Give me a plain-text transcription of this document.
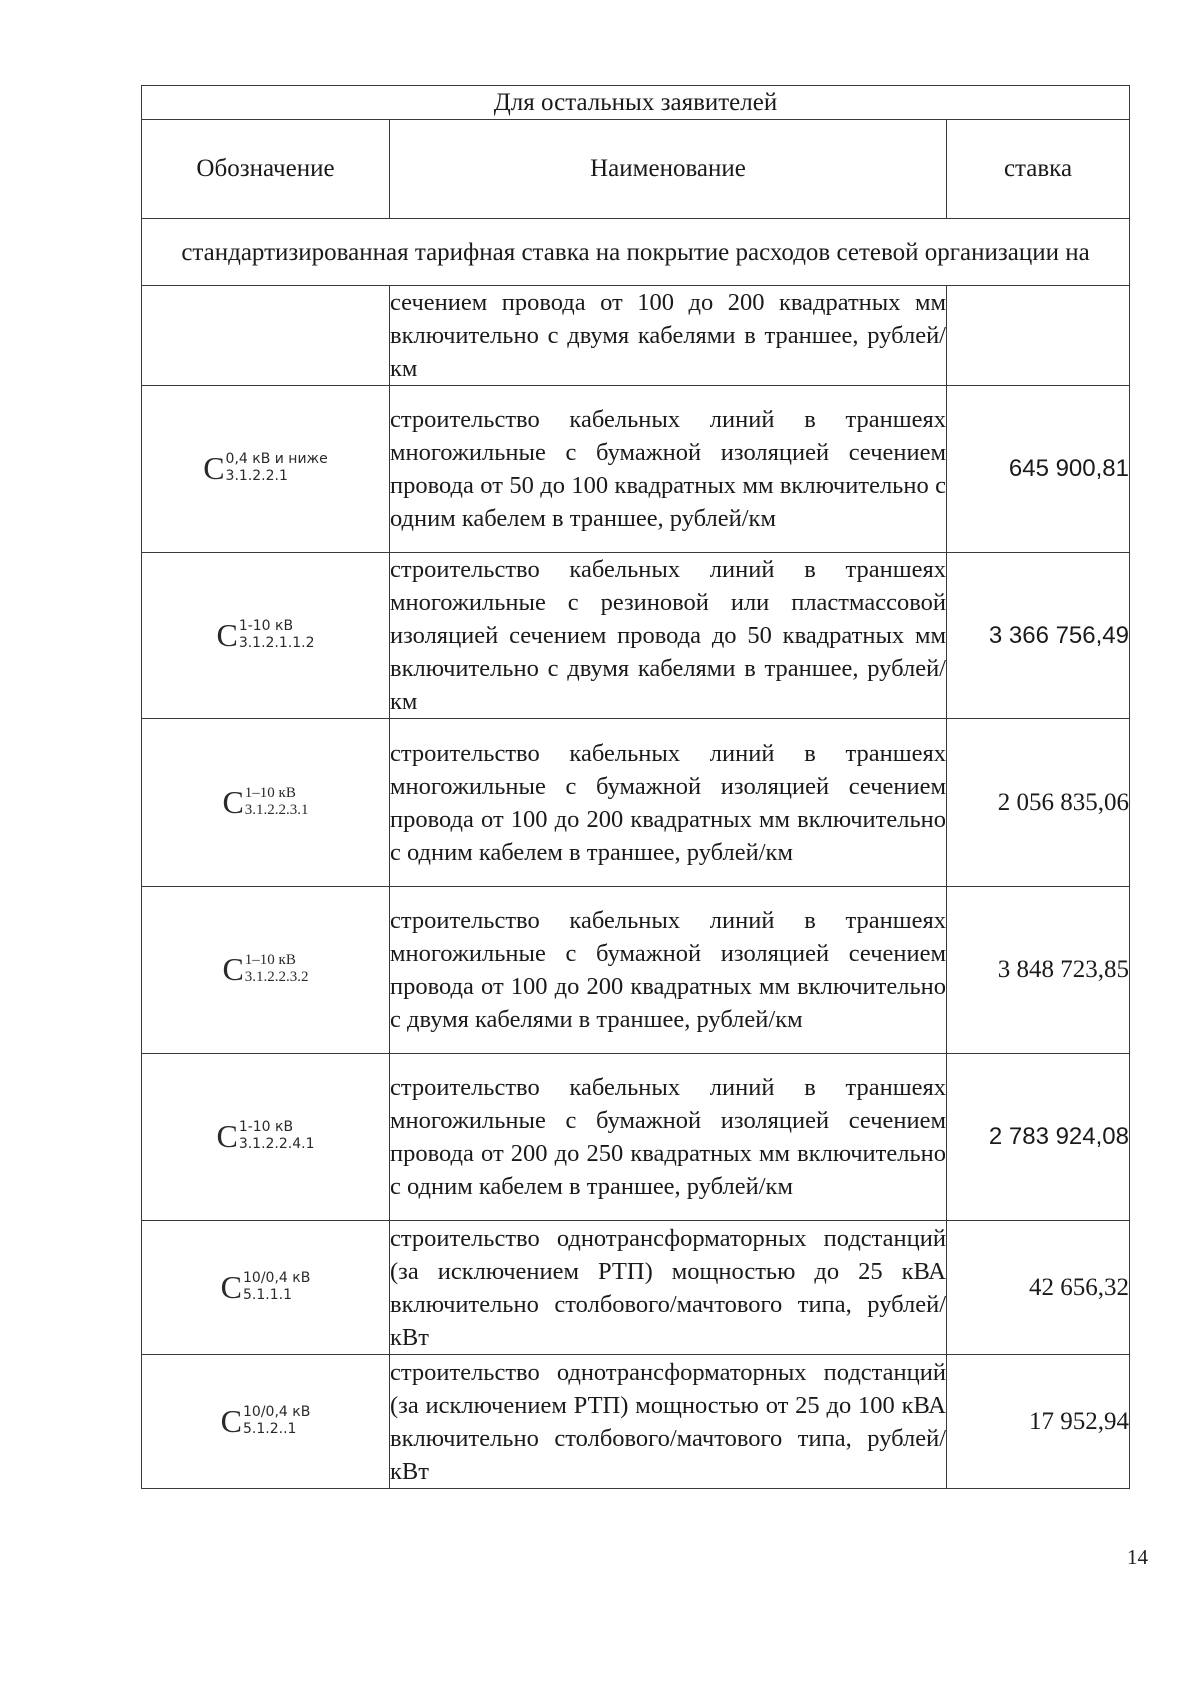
Для остальных заявителей		
Обозначение	Наименование	ставка
стандартизированная тарифная ставка на покрытие расходов сетевой организации на		
	сечением провода от 100 до 200 квадратных мм включительно с двумя кабелями в траншее, рублей/км	

C 0,4 кВ и ниже
3.1.2.2.1	строительство кабельных линий в траншеях многожильные с бумажной изоляцией сечением провода от 50 до 100 квадратных мм включительно с одним кабелем в траншее, рублей/км	645 900,81

C 1-10 кВ
3.1.2.1.1.2	строительство кабельных линий в траншеях многожильные с резиновой или пластмассовой изоляцией сечением провода до 50 квадратных мм включительно с двумя кабелями в траншее, рублей/км	3 366 756,49

C 1–10 кВ
3.1.2.2.3.1	строительство кабельных линий в траншеях многожильные с бумажной изоляцией сечением провода от 100 до 200 квадратных мм включительно с одним кабелем в траншее, рублей/км	2 056 835,06

C 1–10 кВ
3.1.2.2.3.2	строительство кабельных линий в траншеях многожильные с бумажной изоляцией сечением провода от 100 до 200 квадратных мм включительно с двумя кабелями в траншее, рублей/км	3 848 723,85

C 1-10 кВ
3.1.2.2.4.1	строительство кабельных линий в траншеях многожильные с бумажной изоляцией сечением провода от 200 до 250 квадратных мм включительно с одним кабелем в траншее, рублей/км	2 783 924,08

C 10/0,4 кВ
5.1.1.1	строительство однотрансформаторных подстанций (за исключением РТП) мощностью до 25 кВА включительно столбового/мачтового типа, рублей/кВт	42 656,32

C 10/0,4 кВ
5.1.2..1	строительство однотрансформаторных подстанций (за исключением РТП) мощностью от 25 до 100 кВА включительно столбового/мачтового типа, рублей/кВт	17 952,94
14
